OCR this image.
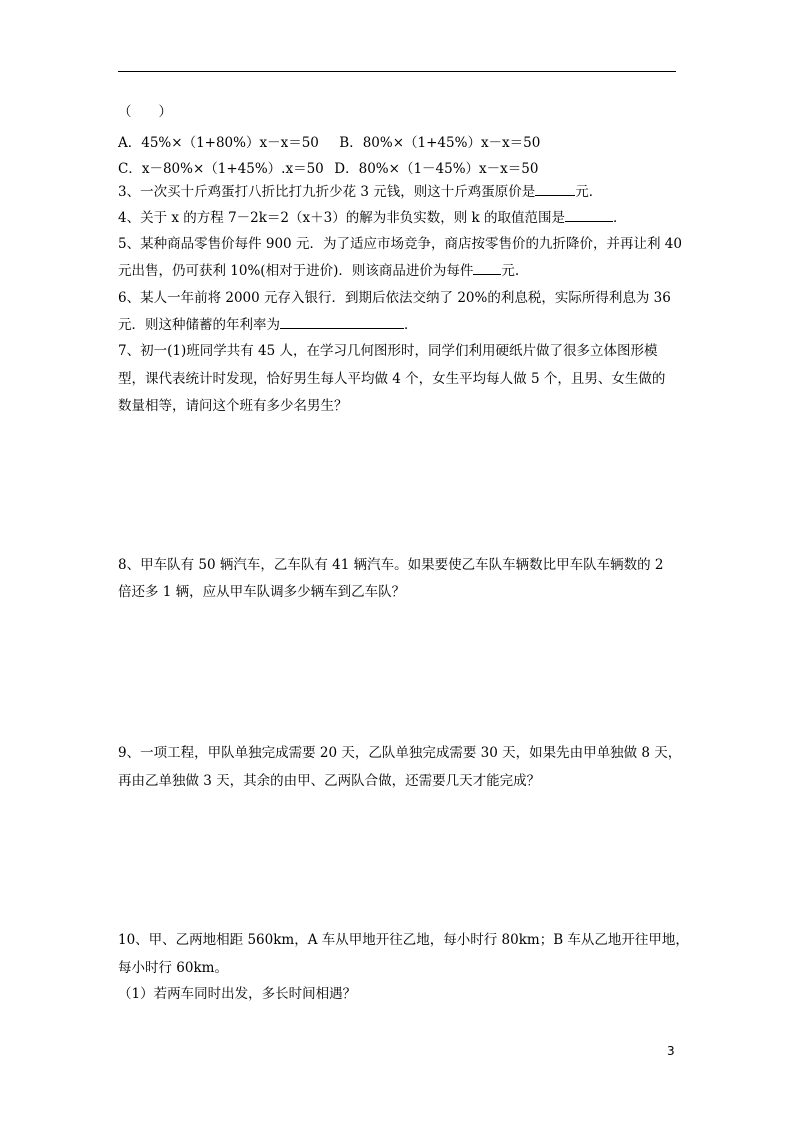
（　　）
A．45%×（1+80%）x－x＝50 B．80%×（1+45%）x－x＝50
C．x－80%×（1+45%）.x＝50 D．80%×（1－45%）x－x＝50
3、一次买十斤鸡蛋打八折比打九折少花 3 元钱，则这十斤鸡蛋原价是	元．
4、关于 x 的方程 7－2k＝2（x＋3）的解为非负实数，则 k 的取值范围是	．
5、某种商品零售价每件 900 元．为了适应市场竞争，商店按零售价的九折降价，并再让利 40
元出售，仍可获利 10%(相对于进价)．则该商品进价为每件 元.
6、某人一年前将 2000 元存入银行．到期后依法交纳了 20%的利息税，实际所得利息为 36
元．则这种储蓄的年利率为	．
7、初一(1)班同学共有 45 人，在学习几何图形时，同学们利用硬纸片做了很多立体图形模
型，课代表统计时发现，恰好男生每人平均做 4 个，女生平均每人做 5 个，且男、女生做的
数量相等，请问这个班有多少名男生？
8、甲车队有 50 辆汽车，乙车队有 41 辆汽车。如果要使乙车队车辆数比甲车队车辆数的 2
倍还多 1 辆，应从甲车队调多少辆车到乙车队？
9、一项工程，甲队单独完成需要 20 天，乙队单独完成需要 30 天，如果先由甲单独做 8 天，
再由乙单独做 3 天，其余的由甲、乙两队合做，还需要几天才能完成？
10、甲、乙两地相距 560km，A 车从甲地开往乙地，每小时行 80km；B 车从乙地开往甲地，
每小时行 60km。
（1）若两车同时出发，多长时间相遇？
3
